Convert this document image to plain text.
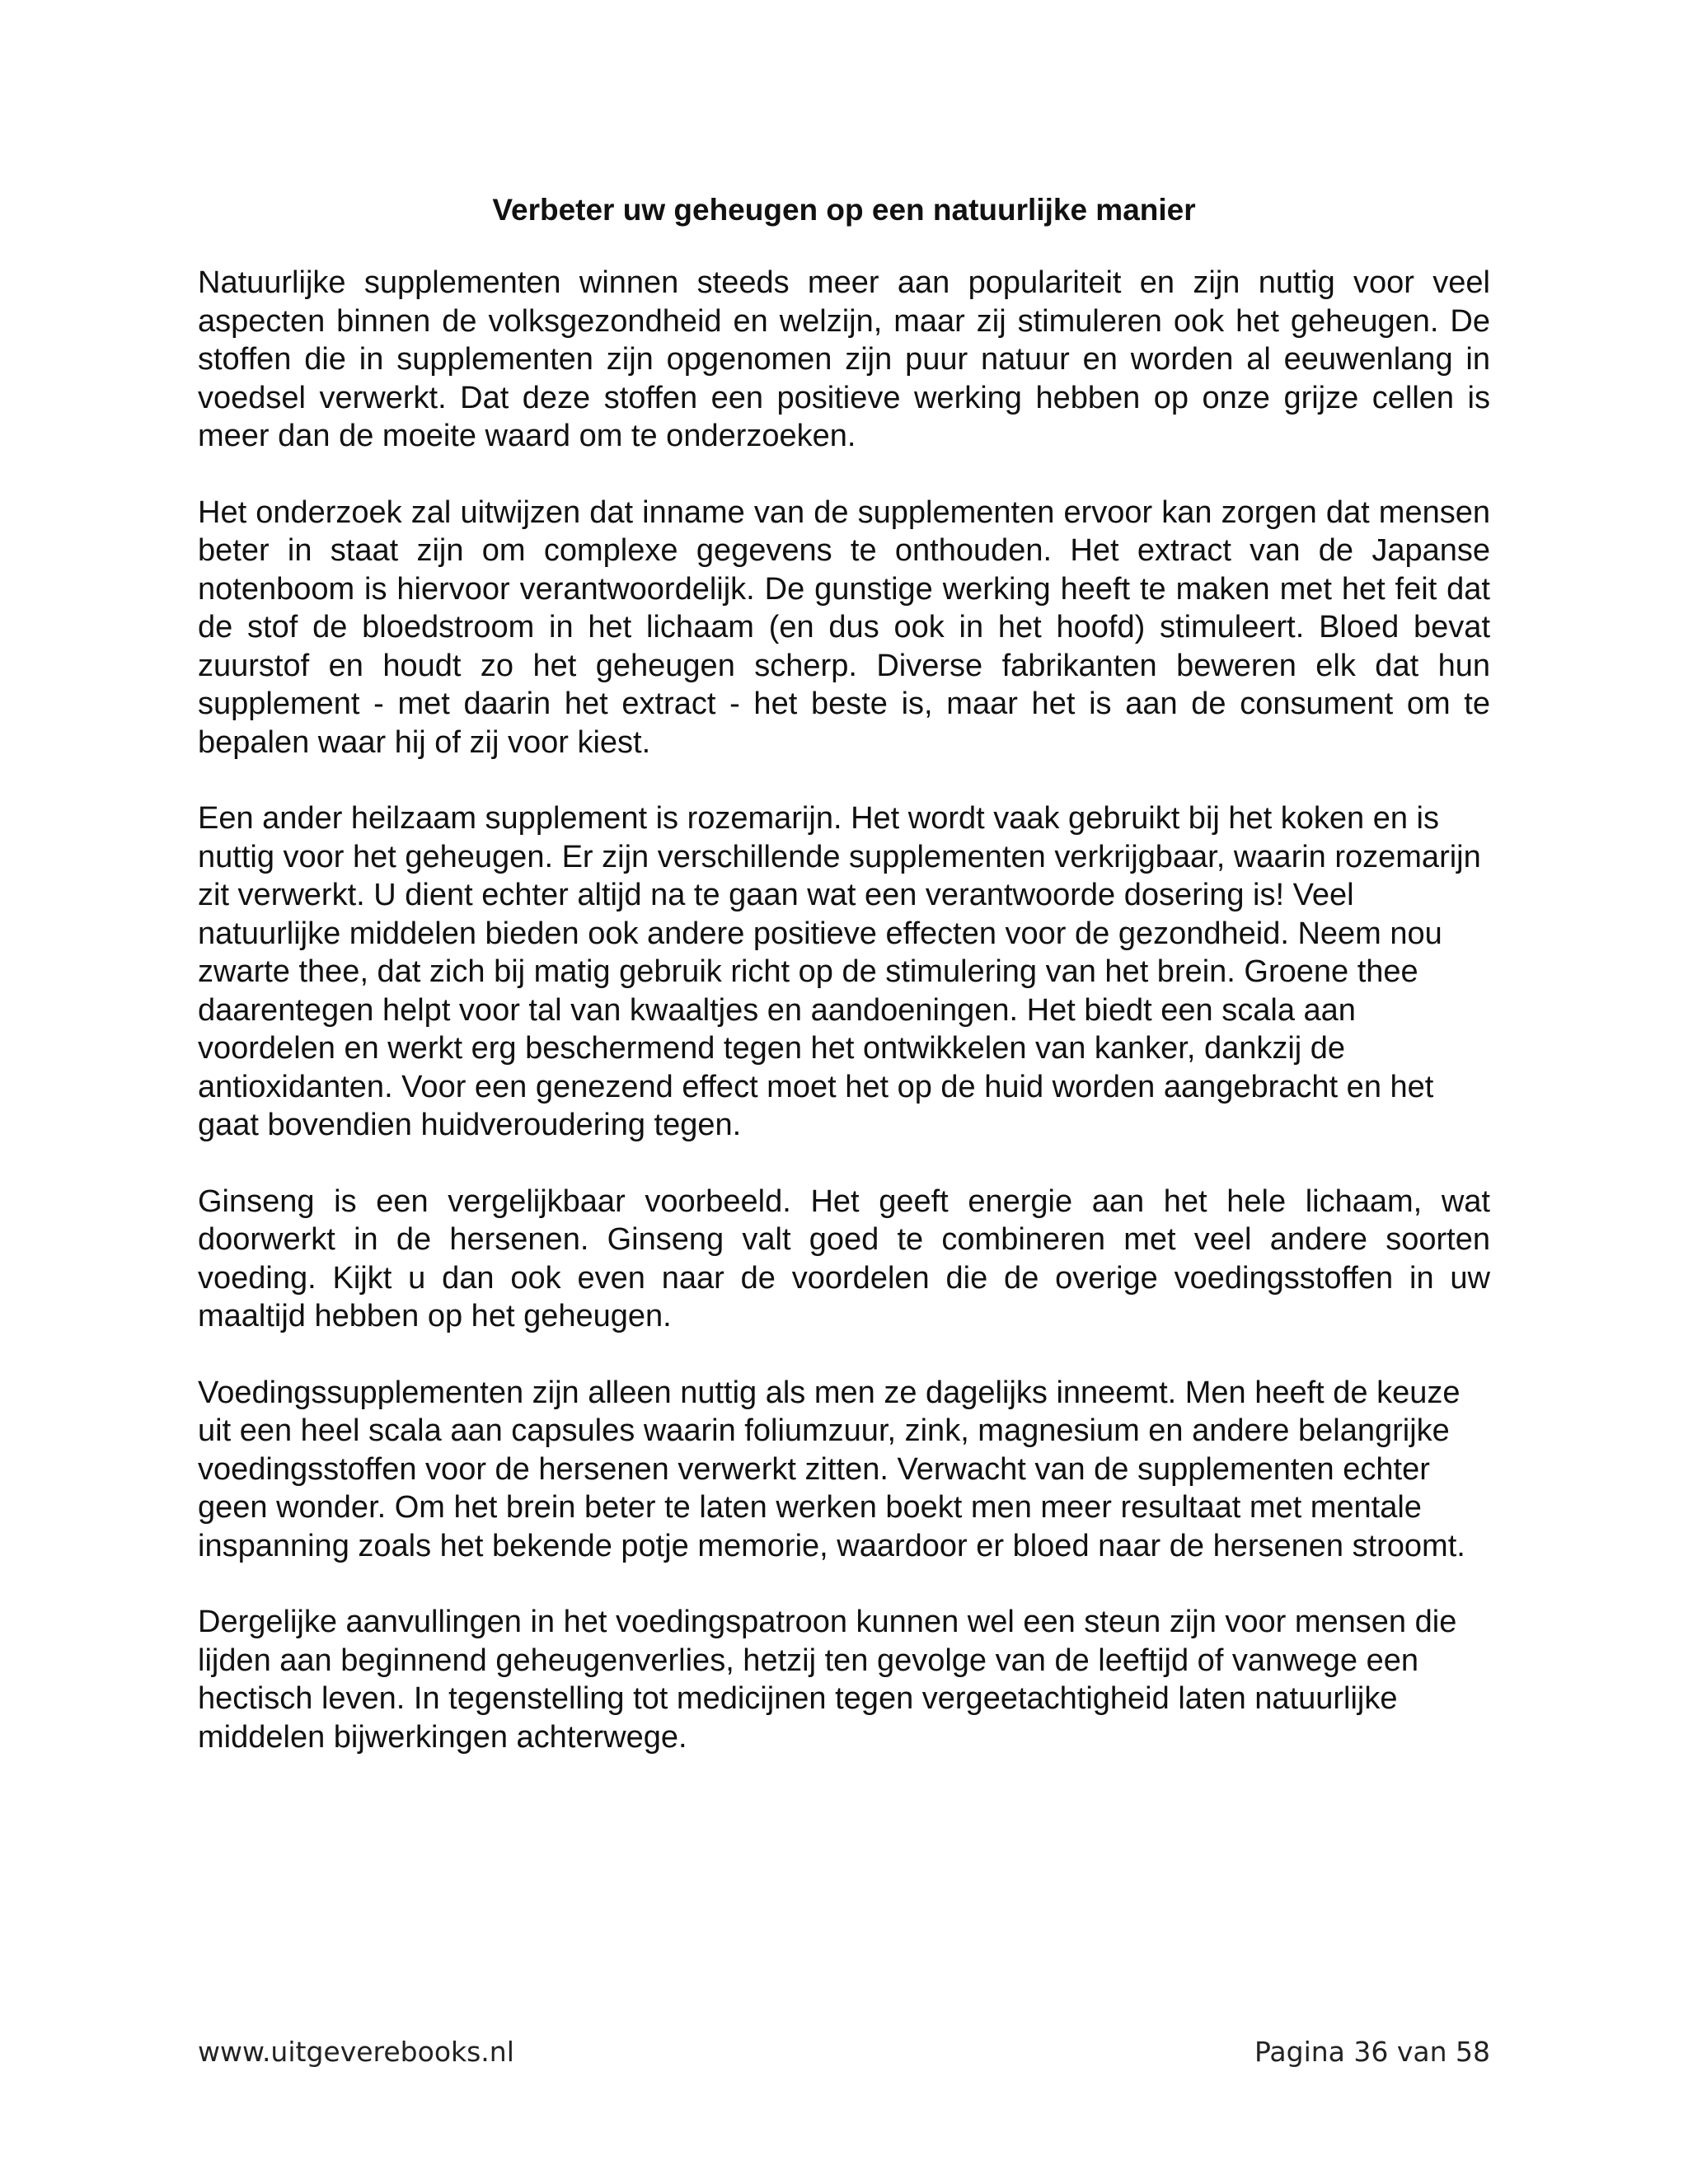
Verbeter uw geheugen op een natuurlijke manier

Natuurlijke supplementen winnen steeds meer aan populariteit en zijn nuttig voor veel aspecten binnen de volksgezondheid en welzijn, maar zij stimuleren ook het geheugen. De stoffen die in supplementen zijn opgenomen zijn puur natuur en worden al eeuwenlang in voedsel verwerkt. Dat deze stoffen een positieve werking hebben op onze grijze cellen is meer dan de moeite waard om te onderzoeken.

Het onderzoek zal uitwijzen dat inname van de supplementen ervoor kan zorgen dat mensen beter in staat zijn om complexe gegevens te onthouden. Het extract van de Japanse notenboom is hiervoor verantwoordelijk. De gunstige werking heeft te maken met het feit dat de stof de bloedstroom in het lichaam (en dus ook in het hoofd) stimuleert. Bloed bevat zuurstof en houdt zo het geheugen scherp. Diverse fabrikanten beweren elk dat hun supplement - met daarin het extract - het beste is, maar het is aan de consument om te bepalen waar hij of zij voor kiest.

Een ander heilzaam supplement is rozemarijn. Het wordt vaak gebruikt bij het koken en is nuttig voor het geheugen. Er zijn verschillende supplementen verkrijgbaar, waarin rozemarijn zit verwerkt. U dient echter altijd na te gaan wat een verantwoorde dosering is! Veel natuurlijke middelen bieden ook andere positieve effecten voor de gezondheid. Neem nou zwarte thee, dat zich bij matig gebruik richt op de stimulering van het brein. Groene thee daarentegen helpt voor tal van kwaaltjes en aandoeningen. Het biedt een scala aan voordelen en werkt erg beschermend tegen het ontwikkelen van kanker, dankzij de antioxidanten. Voor een genezend effect moet het op de huid worden aangebracht en het gaat bovendien huidveroudering tegen.

Ginseng is een vergelijkbaar voorbeeld. Het geeft energie aan het hele lichaam, wat doorwerkt in de hersenen. Ginseng valt goed te combineren met veel andere soorten voeding. Kijkt u dan ook even naar de voordelen die de overige voedingsstoffen in uw maaltijd hebben op het geheugen.

Voedingssupplementen zijn alleen nuttig als men ze dagelijks inneemt. Men heeft de keuze uit een heel scala aan capsules waarin foliumzuur, zink, magnesium en andere belangrijke voedingsstoffen voor de hersenen verwerkt zitten. Verwacht van de supplementen echter geen wonder. Om het brein beter te laten werken boekt men meer resultaat met mentale inspanning zoals het bekende potje memorie, waardoor er bloed naar de hersenen stroomt.

Dergelijke aanvullingen in het voedingspatroon kunnen wel een steun zijn voor mensen die lijden aan beginnend geheugenverlies, hetzij ten gevolge van de leeftijd of vanwege een hectisch leven. In tegenstelling tot medicijnen tegen vergeetachtigheid laten natuurlijke middelen bijwerkingen achterwege.

www.uitgeverebooks.nl	Pagina 36 van 58
